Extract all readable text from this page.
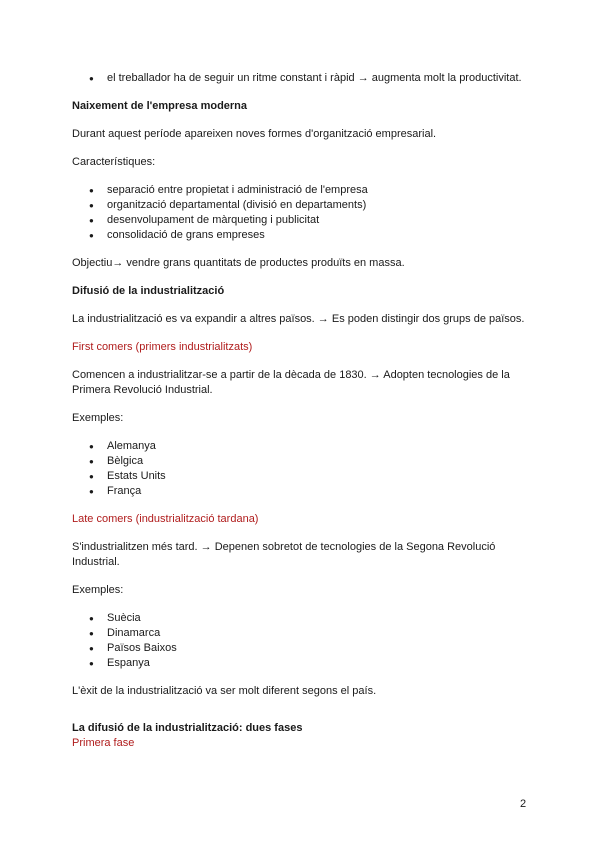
● el treballador ha de seguir un ritme constant i ràpid → augmenta molt la productivitat.

Naixement de l'empresa moderna

Durant aquest període apareixen noves formes d'organització empresarial.

Característiques:

● separació entre propietat i administració de l'empresa
● organització departamental (divisió en departaments)
● desenvolupament de màrqueting i publicitat
● consolidació de grans empreses

Objectiu→ vendre grans quantitats de productes produïts en massa.

Difusió de la industrialització

La industrialització es va expandir a altres països. → Es poden distingir dos grups de països.

First comers (primers industrialitzats)

Comencen a industrialitzar-se a partir de la dècada de 1830. → Adopten tecnologies de la Primera Revolució Industrial.

Exemples:

● Alemanya
● Bèlgica
● Estats Units
● França

Late comers (industrialització tardana)

S'industrialitzen més tard. → Depenen sobretot de tecnologies de la Segona Revolució Industrial.

Exemples:

● Suècia
● Dinamarca
● Països Baixos
● Espanya

L'èxit de la industrialització va ser molt diferent segons el país.

La difusió de la industrialització: dues fases

Primera fase

2
